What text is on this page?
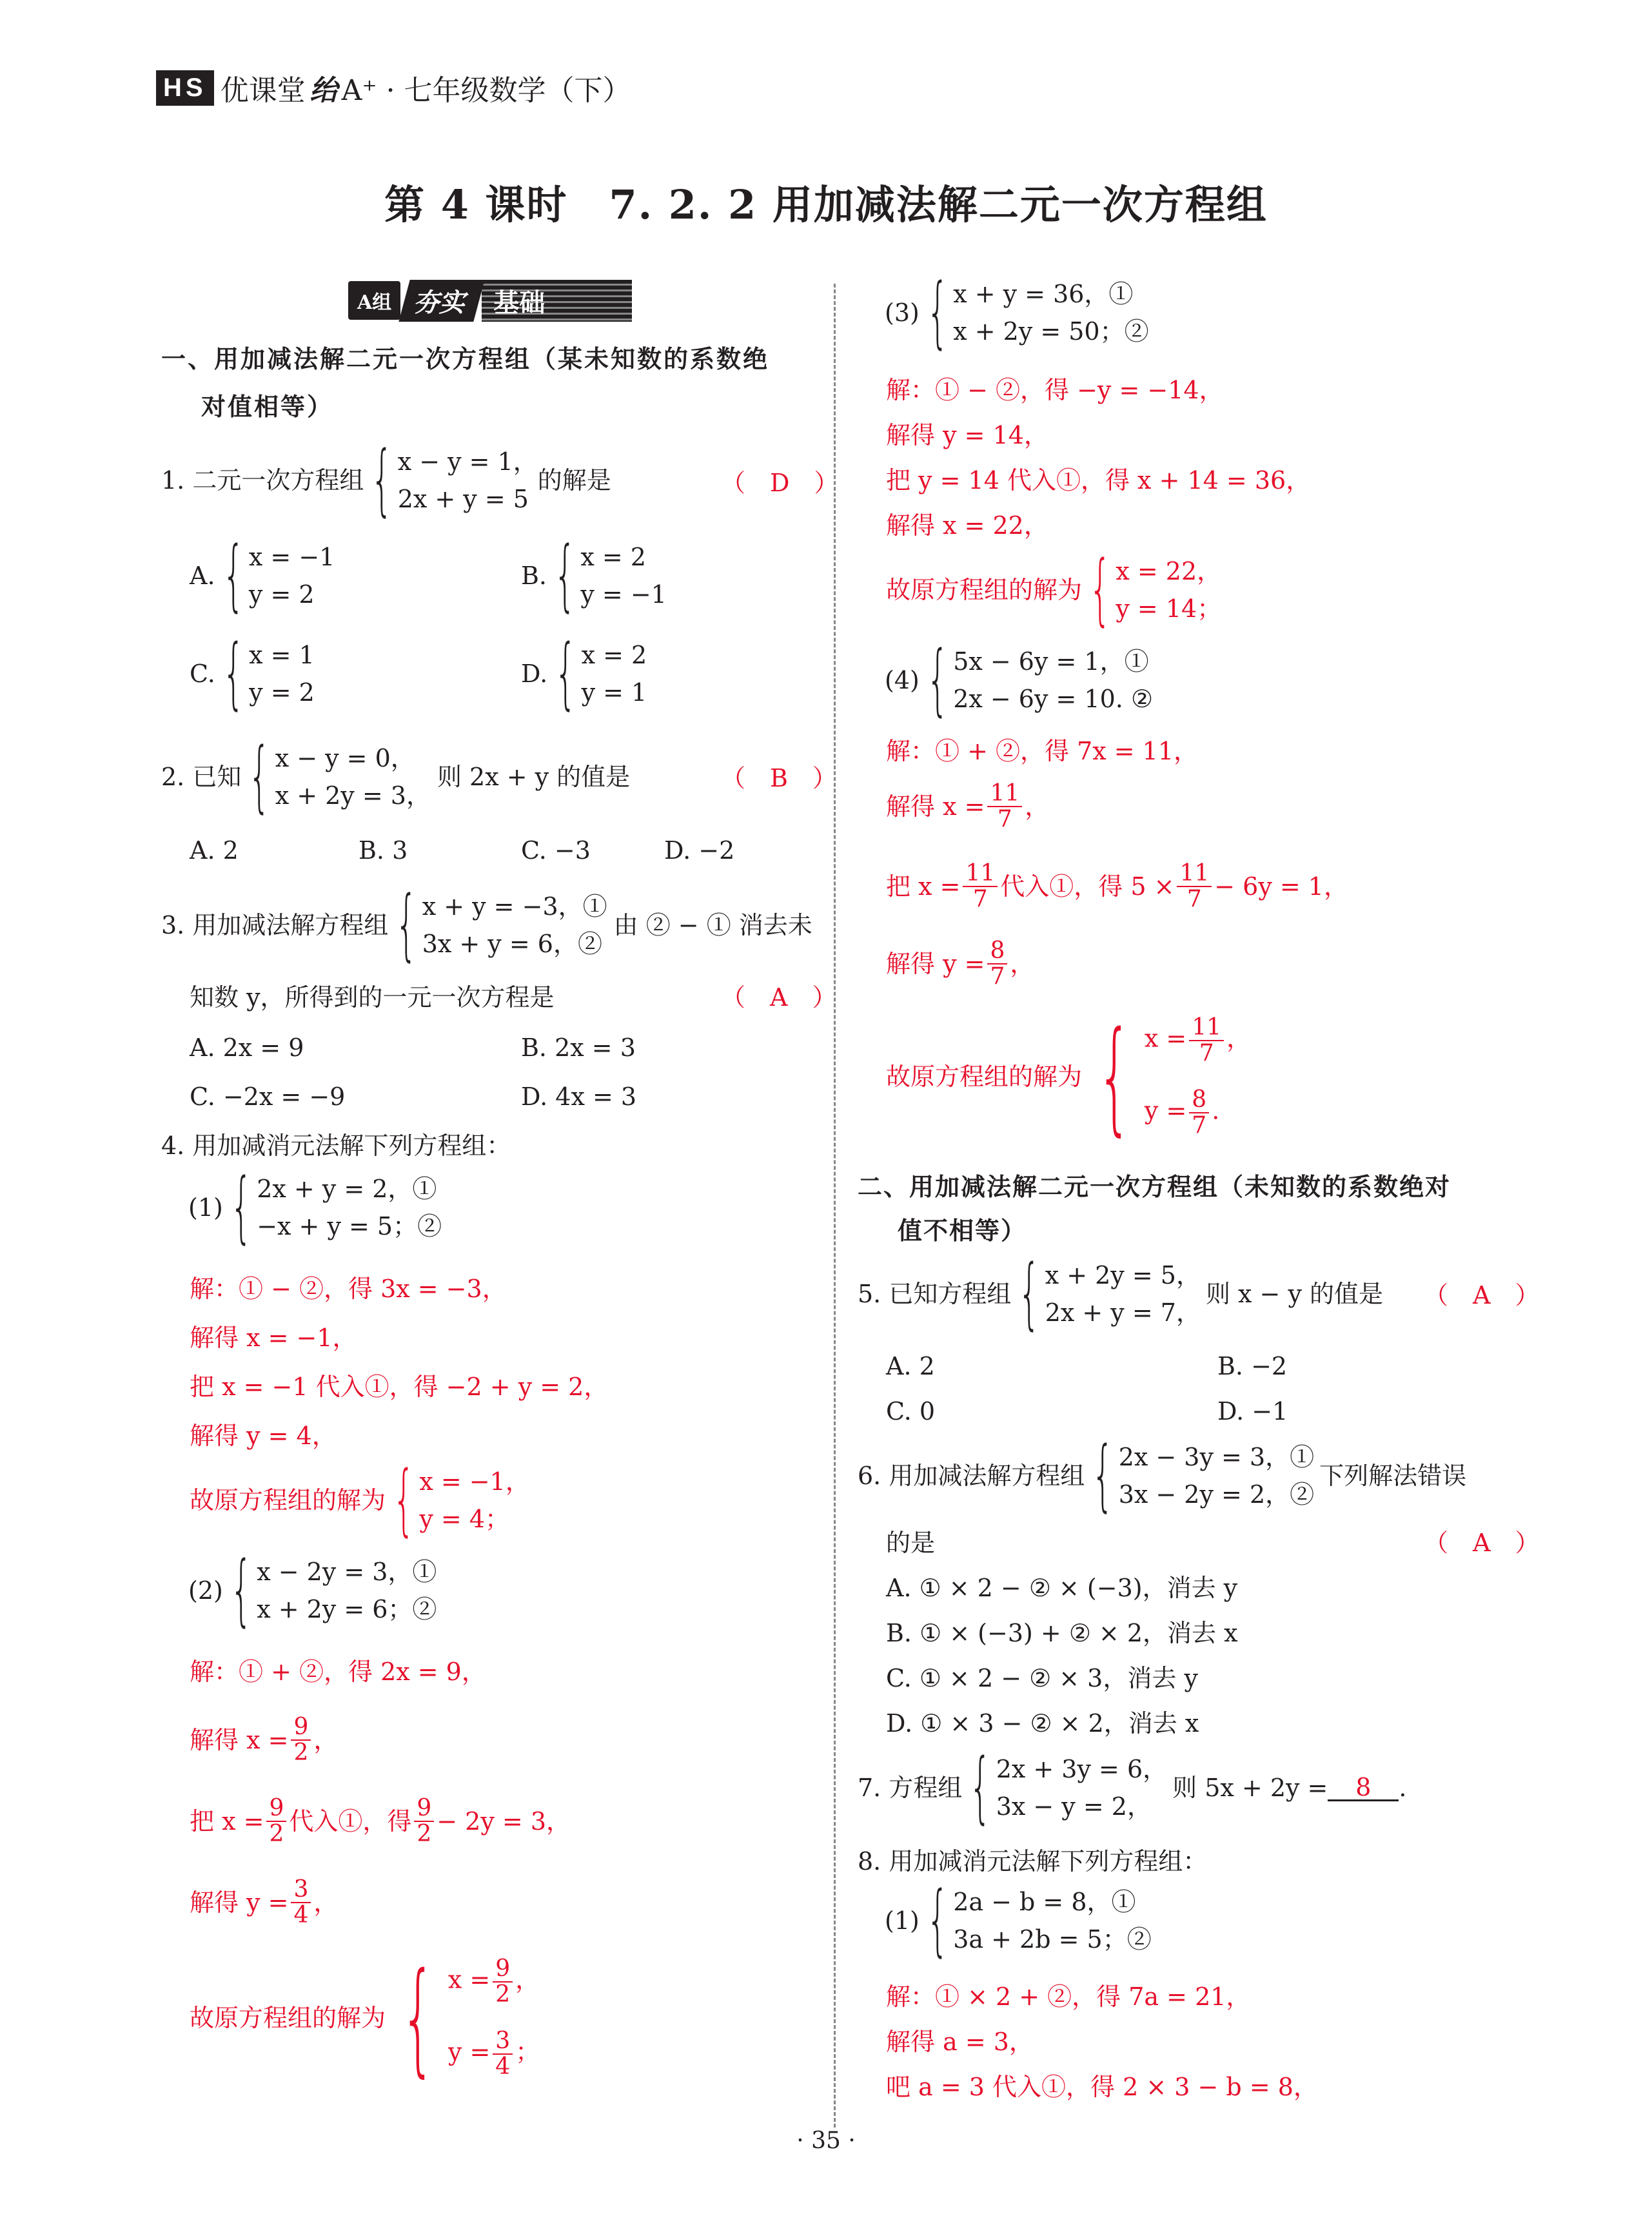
HS 优课堂 绐 A⁺ · 七年级数学（下）
第 4 课时　7. 2. 2 用加减法解二元一次方程组
A组 夯实 基础
一、用加减法解二元一次方程组（某未知数的系数绝
对值相等）
1. 二元一次方程组 { x − y = 1，
2x + y = 5
的解是	（　D　）
A. { x = −1
y = 2
B. { x = 2
y = −1
C. { x = 1
y = 2
D. { x = 2
y = 1
2. 已知 { x − y = 0，
x + 2y = 3，
则 2x + y 的值是	（　B　）
A. 2	B. 3	C. −3	D. −2
3. 用加减法解方程组 { x + y = −3，①
3x + y = 6，②
由 ② − ① 消去未
知数 y，所得到的一元一次方程是	（　A　）
A. 2x = 9	B. 2x = 3
C. −2x = −9	D. 4x = 3
4. 用加减消元法解下列方程组：
(1) { 2x + y = 2，①
−x + y = 5；②
解：① − ②，得 3x = −3，
解得 x = −1，
把 x = −1 代入①，得 −2 + y = 2，
解得 y = 4，
故原方程组的解为 { x = −1，
y = 4；
(2) { x − 2y = 3，①
x + 2y = 6；②
解：① + ②，得 2x = 9，
解得 $x = \frac{9}{2}$ ，
把 $x = \frac{9}{2}$ 代入①，得 $\frac{9}{2} - 2y = 3$，
解得 $y = \frac{3}{4}$ ，
故原方程组的解为 { $x = \frac{9}{2}$ ，
$y = \frac{3}{4}$ ；
(3) { x + y = 36，①
x + 2y = 50；②
解：① − ②，得 −y = −14，
解得 y = 14，
把 y = 14 代入①，得 x + 14 = 36，
解得 x = 22，
故原方程组的解为 { x = 22，
y = 14；
(4) { 5x − 6y = 1，①
2x − 6y = 10. ②
解：① + ②，得 7x = 11，
解得 $x = \frac{11}{7}$ ，
把 $x = \frac{11}{7}$ 代入①，得 $5 \times \frac{11}{7} - 6y = 1$，
解得 $y = \frac{8}{7}$ ，
故原方程组的解为 { $x = \frac{11}{7}$ ，
$y = \frac{8}{7}$ .
二、用加减法解二元一次方程组（未知数的系数绝对
值不相等）
5. 已知方程组 { x + 2y = 5，
2x + y = 7，
则 x − y 的值是 （　A　）
A. 2	B. −2
C. 0	D. −1
6. 用加减法解方程组 { 2x − 3y = 3，①
3x − 2y = 2，②
下列解法错误
的是	（　A　）
A. ① × 2 − ② × (−3)，消去 y
B. ① × (−3) + ② × 2，消去 x
C. ① × 2 − ② × 3，消去 y
D. ① × 3 − ② × 2，消去 x
7. 方程组 { 2x + 3y = 6，
3x − y = 2，
则 5x + 2y =	8	.
8. 用加减消元法解下列方程组：
(1) { 2a − b = 8，①
3a + 2b = 5；②
解：① × 2 + ②，得 7a = 21，
解得 a = 3，
吧 a = 3 代入①，得 2 × 3 − b = 8，
· 35 ·
